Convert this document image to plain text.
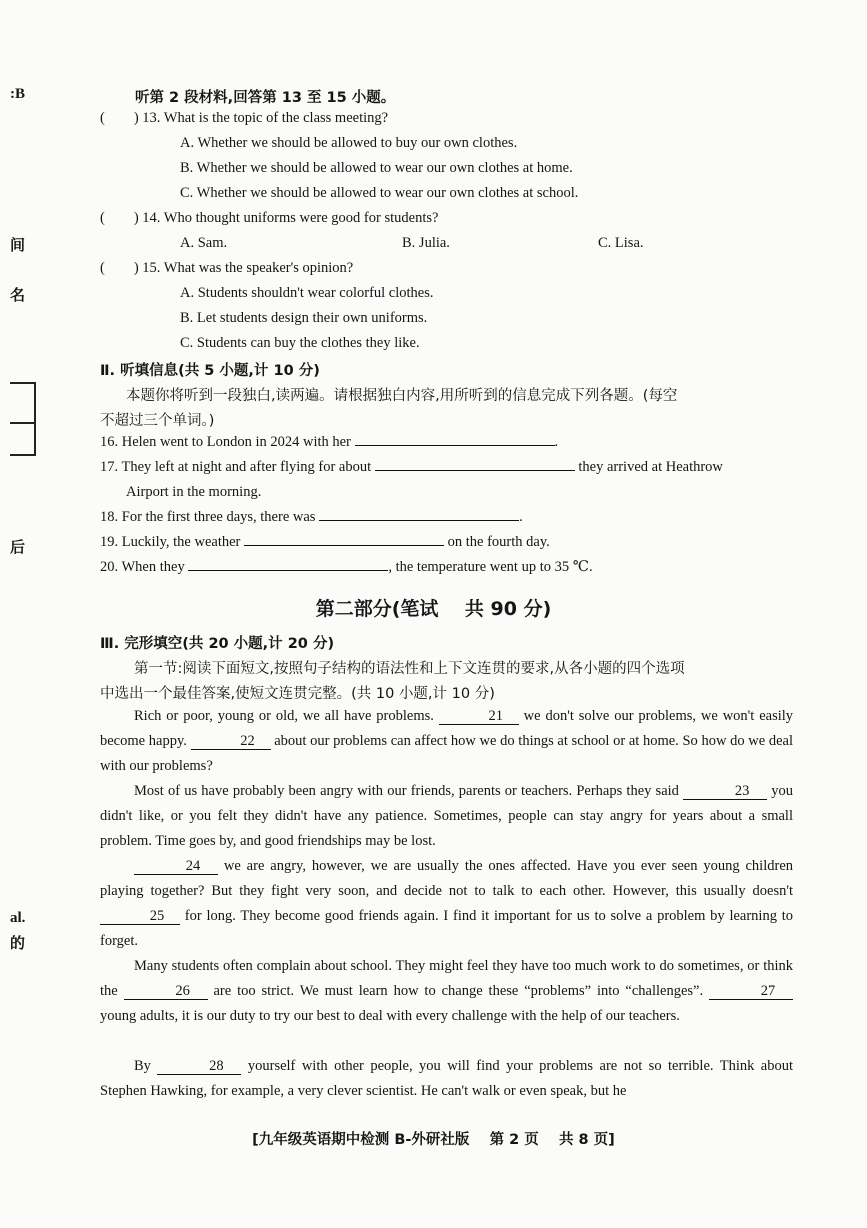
:B
间
名
后
al.
的
听第 2 段材料,回答第 13 至 15 小题。
(        ) 13. What is the topic of the class meeting?
A. Whether we should be allowed to buy our own clothes.
B. Whether we should be allowed to wear our own clothes at home.
C. Whether we should be allowed to wear our own clothes at school.
(        ) 14. Who thought uniforms were good for students?
A. Sam.	B. Julia.	C. Lisa.
(        ) 15. What was the speaker's opinion?
A. Students shouldn't wear colorful clothes.
B. Let students design their own uniforms.
C. Students can buy the clothes they like.
Ⅱ. 听填信息(共 5 小题,计 10 分)
本题你将听到一段独白,读两遍。请根据独白内容,用所听到的信息完成下列各题。(每空
不超过三个单词。)
16. Helen went to London in 2024 with her	.
17. They left at night and after flying for about	they arrived at Heathrow
Airport in the morning.
18. For the first three days, there was	.
19. Luckily, the weather	on the fourth day.
20. When they	, the temperature went up to 35 ℃.
第二部分(笔试    共 90 分)
Ⅲ. 完形填空(共 20 小题,计 20 分)
第一节:阅读下面短文,按照句子结构的语法性和上下文连贯的要求,从各小题的四个选项
中选出一个最佳答案,使短文连贯完整。(共 10 小题,计 10 分)
Rich or poor, young or old, we all have problems.	21 we don't solve our problems, we won't easily become happy.	22 about our problems can affect how we do things at school or at home. So how do we deal with our problems?
Most of us have probably been angry with our friends, parents or teachers. Perhaps they said	23 you didn't like, or you felt they didn't have any patience. Sometimes, people can stay angry for years about a small problem. Time goes by, and good friendships may be lost.
24 we are angry, however, we are usually the ones affected. Have you ever seen young children playing together? But they fight very soon, and decide not to talk to each other. However, this usually doesn't 25 for long. They become good friends again. I find it important for us to solve a problem by learning to forget.
Many students often complain about school. They might feel they have too much work to do sometimes, or think the	26 are too strict. We must learn how to change these “problems” into “challenges”.	27 young adults, it is our duty to try our best to deal with every challenge with the help of our teachers.
By	28 yourself with other people, you will find your problems are not so terrible. Think about Stephen Hawking, for example, a very clever scientist. He can't walk or even speak, but he
[九年级英语期中检测 B-外研社版    第 2 页    共 8 页]
